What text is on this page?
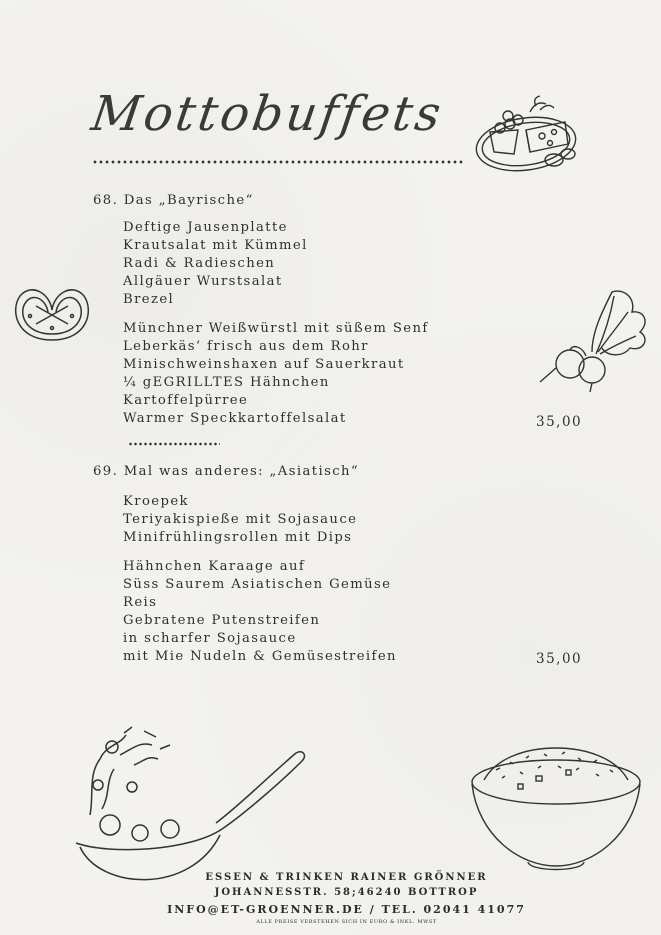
Mottobuffets
68. Das „Bayrische“
Deftige Jausenplatte
Krautsalat mit Kümmel
Radi & Radieschen
Allgäuer Wurstsalat
Brezel
Münchner Weißwürstl mit süßem Senf
Leberkäs‘ frisch aus dem Rohr
Minischweinshaxen auf Sauerkraut
¼ gEGRILLTES Hähnchen
Kartoffelpürree
Warmer Speckkartoffelsalat	35,00
69. Mal was anderes: „Asiatisch“
Kroepek
Teriyakispieße mit Sojasauce
Minifrühlingsrollen mit Dips
Hähnchen Karaage auf
Süss Saurem Asiatischen Gemüse
Reis
Gebratene Putenstreifen
in scharfer Sojasauce
mit Mie Nudeln & Gemüsestreifen	35,00
ESSEN & TRINKEN RAINER GRÖNNER
JOHANNESSTR. 58;46240 BOTTROP
INFO@ET-GROENNER.DE / TEL. 02041 41077
ALLE PREISE VERSTEHEN SICH IN EURO & INKL. MWST
